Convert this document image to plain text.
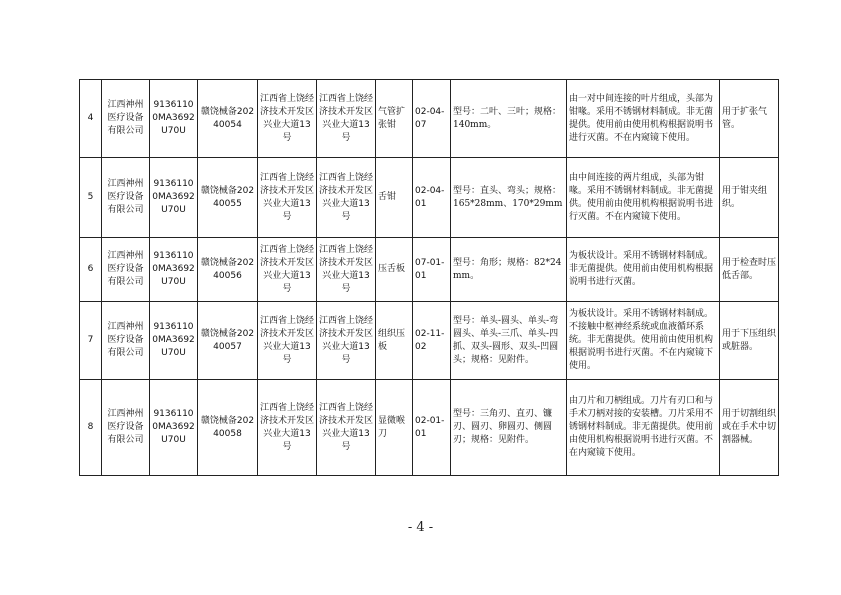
4	江西神州医疗设备有限公司	91361100MA3692U70U	赣饶械备20240054	江西省上饶经济技术开发区兴业大道13号	江西省上饶经济技术开发区兴业大道13号	气管扩张钳	02-04-07	型号：二叶、三叶；规格：140mm。	由一对中间连接的叶片组成，头部为钳喙。采用不锈钢材料制成。非无菌提供。使用前由使用机构根据说明书进行灭菌。不在内窥镜下使用。	用于扩张气管。
5	江西神州医疗设备有限公司	91361100MA3692U70U	赣饶械备20240055	江西省上饶经济技术开发区兴业大道13号	江西省上饶经济技术开发区兴业大道13号	舌钳	02-04-01	型号：直头、弯头；规格：165*28mm、170*29mm	由中间连接的两片组成，头部为钳喙。采用不锈钢材料制成。非无菌提供。使用前由使用机构根据说明书进行灭菌。不在内窥镜下使用。	用于钳夹组织。
6	江西神州医疗设备有限公司	91361100MA3692U70U	赣饶械备20240056	江西省上饶经济技术开发区兴业大道13号	江西省上饶经济技术开发区兴业大道13号	压舌板	07-01-01	型号：角形；规格：82*24mm。	为板状设计。采用不锈钢材料制成。非无菌提供。使用前由使用机构根据说明书进行灭菌。	用于检查时压低舌部。
7	江西神州医疗设备有限公司	91361100MA3692U70U	赣饶械备20240057	江西省上饶经济技术开发区兴业大道13号	江西省上饶经济技术开发区兴业大道13号	组织压板	02-11-02	型号：单头-圆头、单头-弯圆头、单头-三爪、单头-四抓、双头-圆形、双头-凹圆头；规格：见附件。	为板状设计。采用不锈钢材料制成。不接触中枢神经系统或血液循环系统。非无菌提供。使用前由使用机构根据说明书进行灭菌。不在内窥镜下使用。	用于下压组织或脏器。
8	江西神州医疗设备有限公司	91361100MA3692U70U	赣饶械备20240058	江西省上饶经济技术开发区兴业大道13号	江西省上饶经济技术开发区兴业大道13号	显微喉刀	02-01-01	型号：三角刃、直刃、镰刃、圆刃、卵圆刃、侧圆刃；规格：见附件。	由刀片和刀柄组成。刀片有刃口和与手术刀柄对接的安装槽。刀片采用不锈钢材料制成。非无菌提供。使用前由使用机构根据说明书进行灭菌。不在内窥镜下使用。	用于切割组织或在手术中切割器械。
- 4 -
